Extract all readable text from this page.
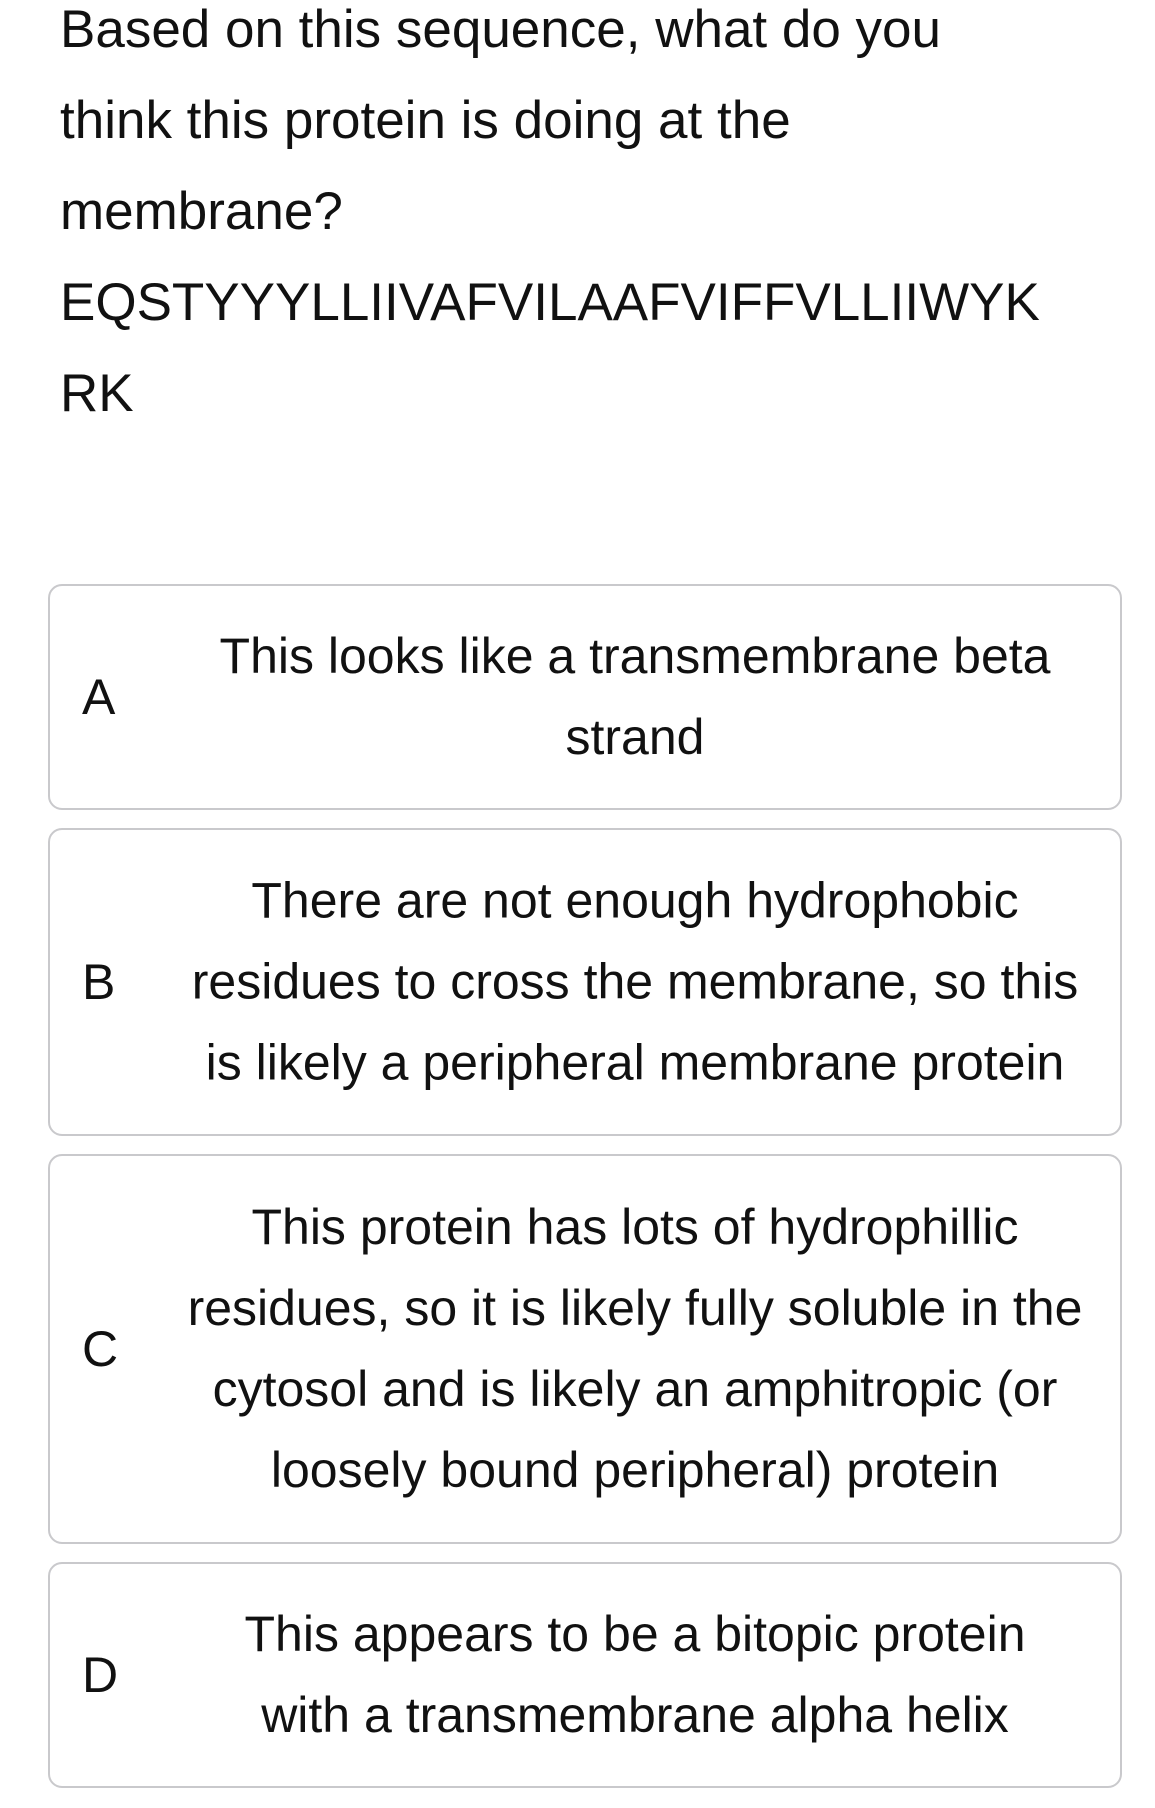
Based on this sequence, what do you
think this protein is doing at the
membrane?
EQSTYYYLLIIVAFVILAAFVIFFVLLIIWYK
RK
A
This looks like a transmembrane beta
strand
B
There are not enough hydrophobic
residues to cross the membrane, so this
is likely a peripheral membrane protein
C
This protein has lots of hydrophillic
residues, so it is likely fully soluble in the
cytosol and is likely an amphitropic (or
loosely bound peripheral) protein
D
This appears to be a bitopic protein
with a transmembrane alpha helix
